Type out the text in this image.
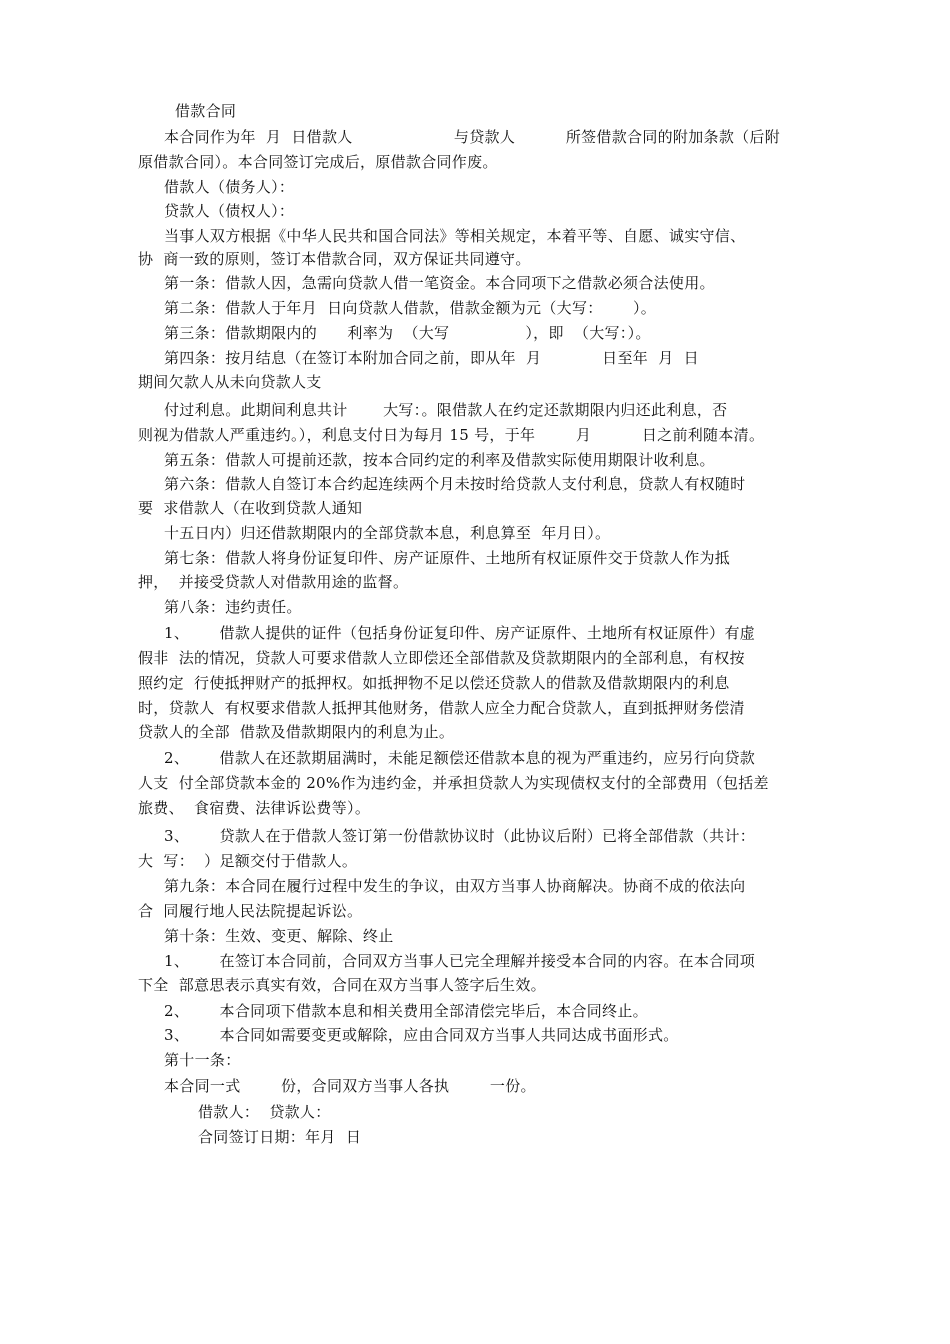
借款合同
本合同作为年  月  日借款人                    与贷款人          所签借款合同的附加条款（后附
原借款合同）。本合同签订完成后，原借款合同作废。
借款人（债务人）：
贷款人（债权人）：
当事人双方根据《中华人民共和国合同法》等相关规定，本着平等、自愿、诚实守信、
协  商一致的原则，签订本借款合同，双方保证共同遵守。
第一条：借款人因，急需向贷款人借一笔资金。本合同项下之借款必须合法使用。
第二条：借款人于年月  日向贷款人借款，借款金额为元（大写：      ）。
第三条：借款期限内的      利率为  （大写               ），即  （大写：）。
第四条：按月结息（在签订本附加合同之前，即从年  月            日至年  月  日
期间欠款人从未向贷款人支
付过利息。此期间利息共计       大写：。限借款人在约定还款期限内归还此利息，否
则视为借款人严重违约。），利息支付日为每月 15 号，于年        月          日之前利随本清。
第五条：借款人可提前还款，按本合同约定的利率及借款实际使用期限计收利息。
第六条：借款人自签订本合约起连续两个月未按时给贷款人支付利息，贷款人有权随时
要  求借款人（在收到贷款人通知
十五日内）归还借款期限内的全部贷款本息，利息算至  年月日）。
第七条：借款人将身份证复印件、房产证原件、土地所有权证原件交于贷款人作为抵
押，  并接受贷款人对借款用途的监督。
第八条：违约责任。
1、      借款人提供的证件（包括身份证复印件、房产证原件、土地所有权证原件）有虚
假非  法的情况，贷款人可要求借款人立即偿还全部借款及贷款期限内的全部利息，有权按
照约定  行使抵押财产的抵押权。如抵押物不足以偿还贷款人的借款及借款期限内的利息
时，贷款人  有权要求借款人抵押其他财务，借款人应全力配合贷款人，直到抵押财务偿清
贷款人的全部  借款及借款期限内的利息为止。
2、      借款人在还款期届满时，未能足额偿还借款本息的视为严重违约，应另行向贷款
人支  付全部贷款本金的 20%作为违约金，并承担贷款人为实现债权支付的全部费用（包括差
旅费、  食宿费、法律诉讼费等）。
3、      贷款人在于借款人签订第一份借款协议时（此协议后附）已将全部借款（共计：
大  写：  ）足额交付于借款人。
第九条：本合同在履行过程中发生的争议，由双方当事人协商解决。协商不成的依法向
合  同履行地人民法院提起诉讼。
第十条：生效、变更、解除、终止
1、      在签订本合同前，合同双方当事人已完全理解并接受本合同的内容。在本合同项
下全  部意思表示真实有效，合同在双方当事人签字后生效。
2、      本合同项下借款本息和相关费用全部清偿完毕后，本合同终止。
3、      本合同如需要变更或解除，应由合同双方当事人共同达成书面形式。
第十一条：
本合同一式        份，合同双方当事人各执        一份。
借款人：  贷款人：
合同签订日期：年月  日
